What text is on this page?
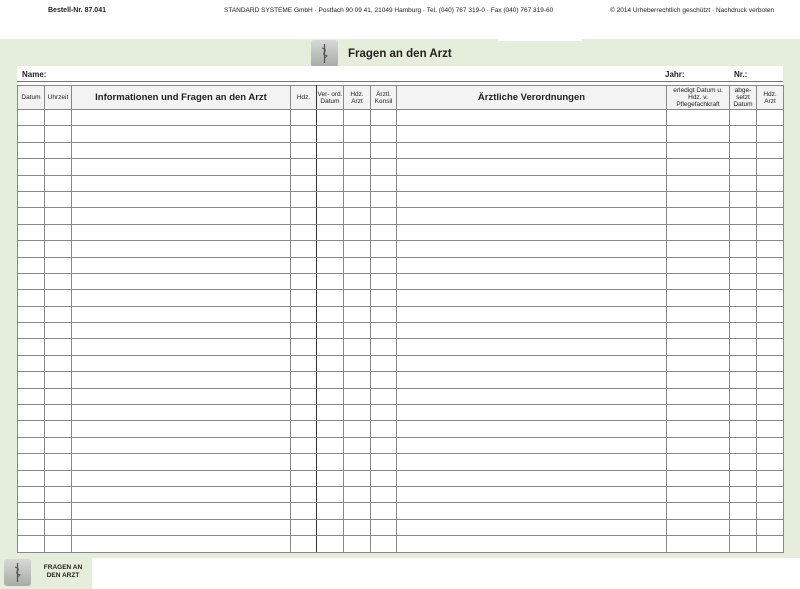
Bestell-Nr. 87.041	STANDARD SYSTEME GmbH · Postfach 90 09 41, 21049 Hamburg · Tel. (040) 767 319-0 · Fax (040) 767 319-60	© 2014 Urheberrechtlich geschützt · Nachdruck verboten
Fragen an den Arzt
Name:	Jahr:	Nr.:
Datum	Uhrzeit	Informationen und Fragen an den Arzt	Hdz.	Ver- ord. Datum	Hdz. Arzt	Ärztl. Konsil	Ärztliche Verordnungen	erledigt Datum u. Hdz. v. Pflegefachkraft	abge- setzt Datum	Hdz. Arzt

FRAGEN AN
DEN ARZT
